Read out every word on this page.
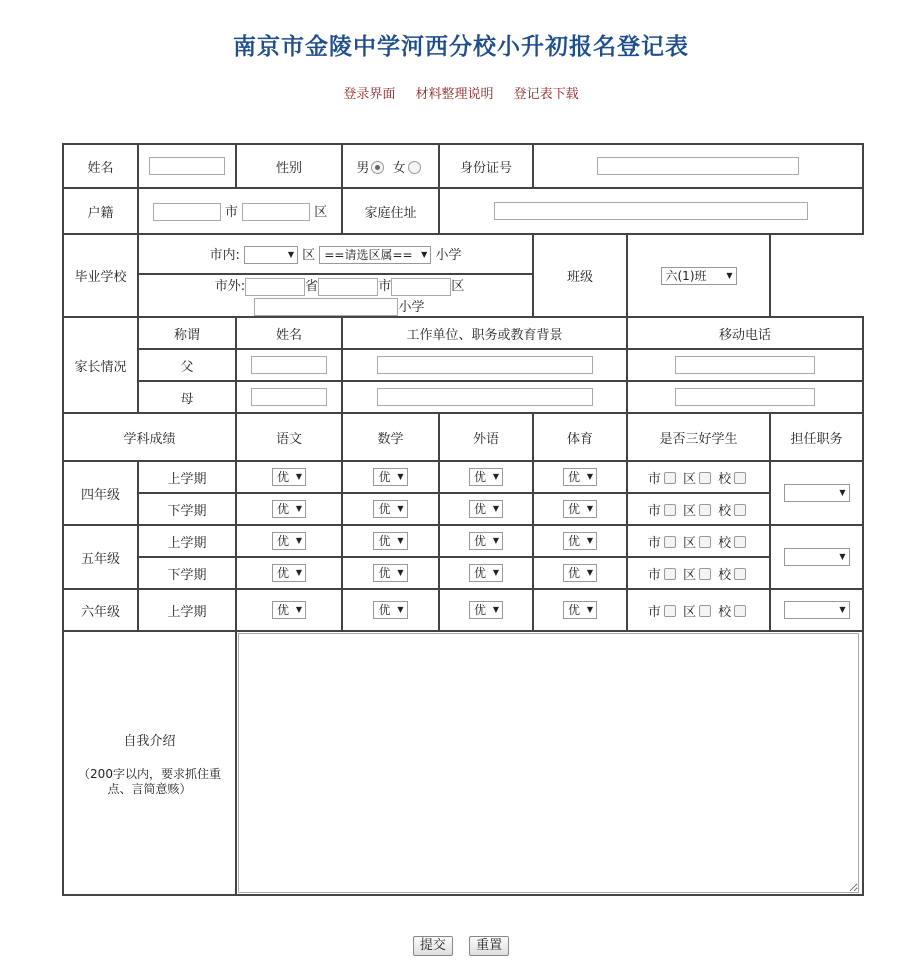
南京市金陵中学河西分校小升初报名登记表
登录界面 材料整理说明 登记表下载
姓名		性别	男 女	身份证号	
户籍	市 区		家庭住址	
毕业学校	市内: ▼ 区 ==请选区属== ▼ 小学				班级	六(1)班 ▼	

	市外: 省 市 区小学						
家长情况	称谓	姓名	工作单位、职务或教育背景			移动电话	
	父			
	母			
学科成绩		语文	数学	外语	体育	是否三好学生	担任职务
四年级	上学期	优 ▼	优 ▼	优 ▼	优 ▼	市 区 校	▼

	下学期	优 ▼	优 ▼	优 ▼	优 ▼	市 区 校	
五年级	上学期	优 ▼	优 ▼	优 ▼	优 ▼	市 区 校	▼

	下学期	优 ▼	优 ▼	优 ▼	优 ▼	市 区 校	
六年级	上学期	优 ▼	优 ▼	优 ▼	优 ▼	市 区 校	▼

自我介绍
（200字以内，要求抓住重点、言简意赅）

提交 重置
